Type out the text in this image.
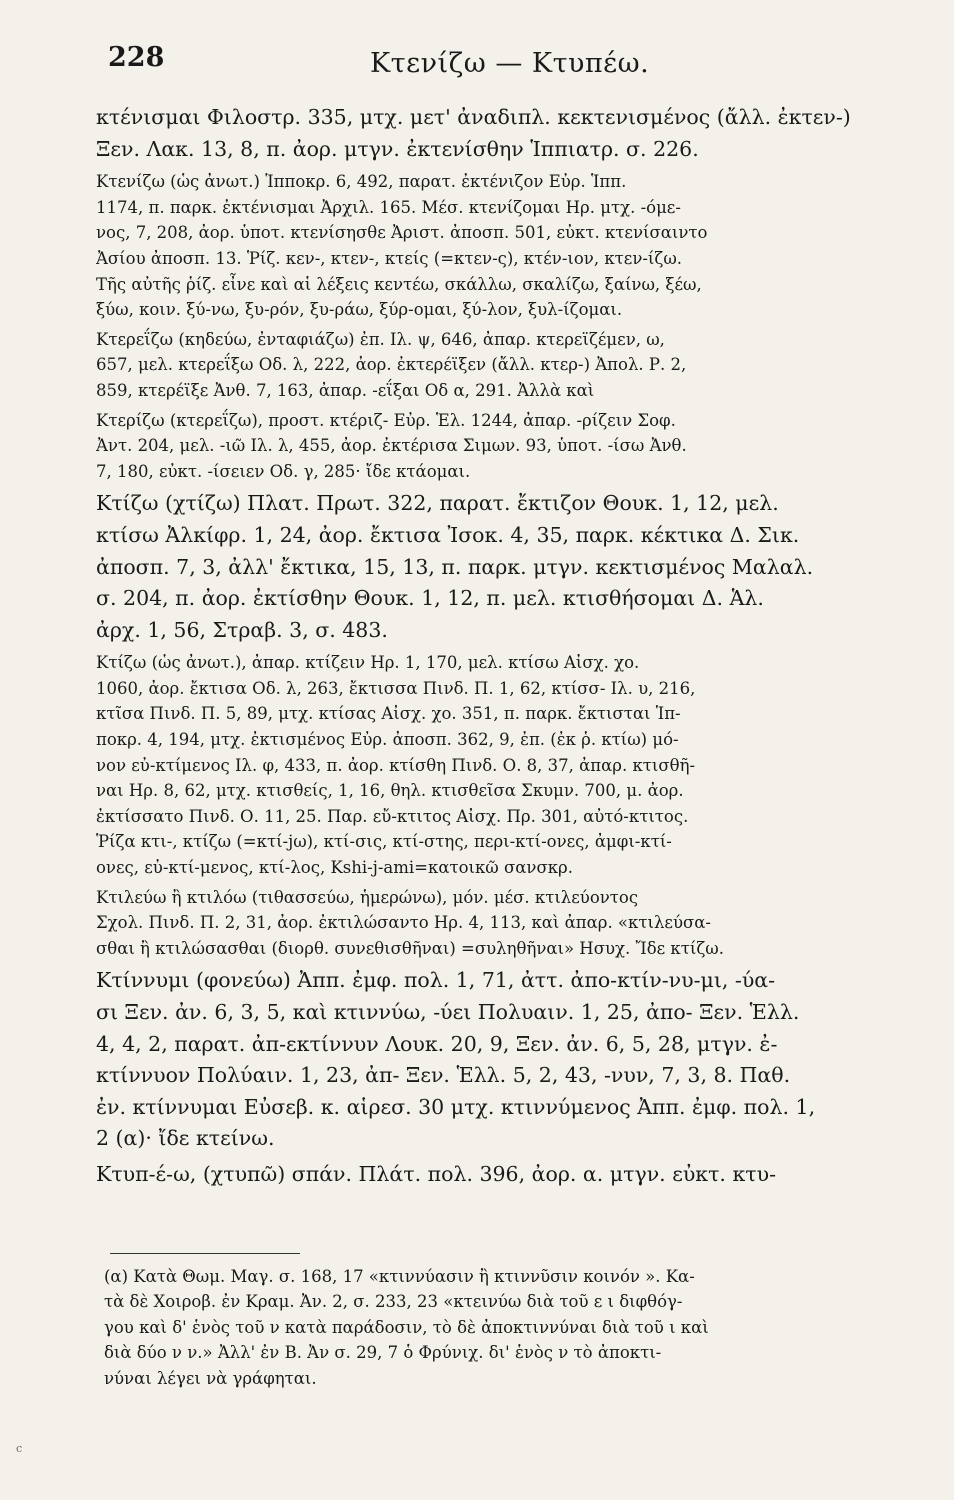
228	Κτενίζω — Κτυπέω.
κτένισμαι Φιλοστρ. 335, μτχ. μετ' ἀναδιπλ. κεκτενισμένος (ἄλλ. ἐκτεν-)
Ξεν. Λακ. 13, 8, π. ἀορ. μτγν. ἐκτενίσθην Ἱππιατρ. σ. 226.
Κτενίζω (ὡς ἀνωτ.) Ἱπποκρ. 6, 492, παρατ. ἐκτένιζον Εὐρ. Ἱππ.
1174, π. παρκ. ἐκτένισμαι Ἀρχιλ. 165. Μέσ. κτενίζομαι Ηρ. μτχ. -όμε-
νος, 7, 208, ἀορ. ὑποτ. κτενίσησθε Ἀριστ. ἀποσπ. 501, εὐκτ. κτενίσαιντο
Ἀσίου ἀποσπ. 13. Ῥίζ. κεν-, κτεν-, κτείς (=κτεν-ς), κτέν-ιον, κτεν-ίζω.
Τῆς αὐτῆς ῥίζ. εἶνε καὶ αἱ λέξεις κεντέω, σκάλλω, σκαλίζω, ξαίνω, ξέω,
ξύω, κοιν. ξύ-νω, ξυ-ρόν, ξυ-ράω, ξύρ-ομαι, ξύ-λον, ξυλ-ίζομαι.
Κτερεΐζω (κηδεύω, ἐνταφιάζω) ἐπ. Ιλ. ψ, 646, ἀπαρ. κτερεϊζέμεν, ω,
657, μελ. κτερεΐξω Οδ. λ, 222, ἀορ. ἐκτερέϊξεν (ἄλλ. κτερ-) Ἀπολ. Ρ. 2,
859, κτερέϊξε Ἀνθ. 7, 163, ἀπαρ. -εΐξαι Οδ α, 291. Ἀλλὰ καὶ
Κτερίζω (κτερεΐζω), προστ. κτέριζ- Εὐρ. Ἑλ. 1244, ἀπαρ. -ρίζειν Σοφ.
Ἀντ. 204, μελ. -ιῶ Ιλ. λ, 455, ἀορ. ἐκτέρισα Σιμων. 93, ὑποτ. -ίσω Ἀνθ.
7, 180, εὐκτ. -ίσειεν Οδ. γ, 285· ἴδε κτάομαι.
Κτίζω (χτίζω) Πλατ. Πρωτ. 322, παρατ. ἔκτιζον Θουκ. 1, 12, μελ.
κτίσω Ἀλκίφρ. 1, 24, ἀορ. ἔκτισα Ἰσοκ. 4, 35, παρκ. κέκτικα Δ. Σικ.
ἀποσπ. 7, 3, ἀλλ' ἔκτικα, 15, 13, π. παρκ. μτγν. κεκτισμένος Μαλαλ.
σ. 204, π. ἀορ. ἐκτίσθην Θουκ. 1, 12, π. μελ. κτισθήσομαι Δ. Ἁλ.
ἀρχ. 1, 56, Στραβ. 3, σ. 483.
Κτίζω (ὡς ἀνωτ.), ἀπαρ. κτίζειν Ηρ. 1, 170, μελ. κτίσω Αἰσχ. χο.
1060, ἀορ. ἔκτισα Οδ. λ, 263, ἔκτισσα Πινδ. Π. 1, 62, κτίσσ- Ιλ. υ, 216,
κτῖσα Πινδ. Π. 5, 89, μτχ. κτίσας Αἰσχ. χο. 351, π. παρκ. ἔκτισται Ἱπ-
ποκρ. 4, 194, μτχ. ἐκτισμένος Εὐρ. ἀποσπ. 362, 9, ἐπ. (ἐκ ῥ. κτίω) μό-
νον εὐ-κτίμενος Ιλ. φ, 433, π. ἀορ. κτίσθη Πινδ. Ο. 8, 37, ἀπαρ. κτισθῆ-
ναι Ηρ. 8, 62, μτχ. κτισθείς, 1, 16, θηλ. κτισθεῖσα Σκυμν. 700, μ. ἀορ.
ἐκτίσσατο Πινδ. Ο. 11, 25. Παρ. εὔ-κτιτος Αἰσχ. Πρ. 301, αὐτό-κτιτος.
Ῥίζα κτι-, κτίζω (=κτί-jω), κτί-σις, κτί-στης, περι-κτί-ονες, ἀμφι-κτί-
ονες, εὐ-κτί-μενος, κτί-λος, Kshi-j-ami=κατοικῶ σανσκρ.
Κτιλεύω ἢ κτιλόω (τιθασσεύω, ἡμερώνω), μόν. μέσ. κτιλεύοντος
Σχολ. Πινδ. Π. 2, 31, ἀορ. ἐκτιλώσαντο Ηρ. 4, 113, καὶ ἀπαρ. «κτιλεύσα-
σθαι ἢ κτιλώσασθαι (διορθ. συνεθισθῆναι) =συληθῆναι» Ησυχ. Ἴδε κτίζω.
Κτίννυμι (φονεύω) Ἀππ. ἐμφ. πολ. 1, 71, ἀττ. ἀπο-κτίν-νυ-μι, -ύα-
σι Ξεν. ἀν. 6, 3, 5, καὶ κτιννύω, -ύει Πολυαιν. 1, 25, ἀπο- Ξεν. Ἑλλ.
4, 4, 2, παρατ. ἀπ-εκτίννυν Λουκ. 20, 9, Ξεν. ἀν. 6, 5, 28, μτγν. ἐ-
κτίννυον Πολύαιν. 1, 23, ἀπ- Ξεν. Ἑλλ. 5, 2, 43, -νυν, 7, 3, 8. Παθ.
ἐν. κτίννυμαι Εὐσεβ. κ. αἱρεσ. 30 μτχ. κτιννύμενος Ἀππ. ἐμφ. πολ. 1,
2 (α)· ἴδε κτείνω.
Κτυπ-έ-ω, (χτυπῶ) σπάν. Πλάτ. πολ. 396, ἀορ. α. μτγν. εὐκτ. κτυ-
(α) Κατὰ Θωμ. Μαγ. σ. 168, 17 «κτιννύασιν ἢ κτιννῦσιν κοινόν ». Κα-
τὰ δὲ Χοιροβ. ἐν Κραμ. Ἀν. 2, σ. 233, 23 «κτεινύω διὰ τοῦ ε ι διφθόγ-
γου καὶ δ' ἑνὸς τοῦ ν κατὰ παράδοσιν, τὸ δὲ ἀποκτιννύναι διὰ τοῦ ι καὶ
διὰ δύο ν ν.» Ἀλλ' ἐν Β. Ἀν σ. 29, 7 ὁ Φρύνιχ. δι' ἑνὸς ν τὸ ἀποκτι-
νύναι λέγει νὰ γράφηται.
c
